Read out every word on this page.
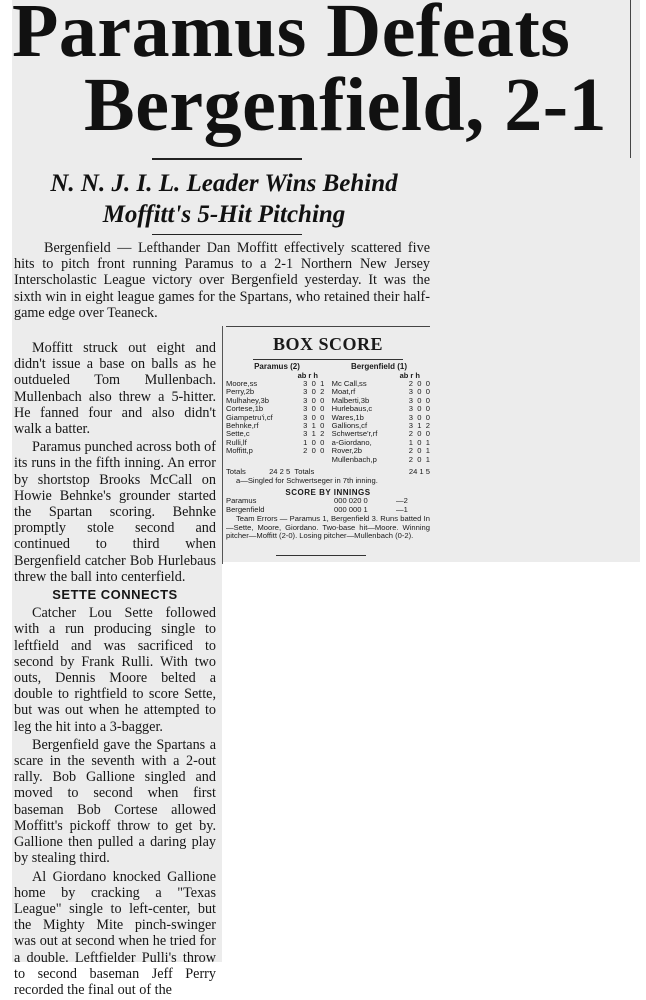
Paramus Defeats
Bergenfield, 2-1
N. N. J. I. L. Leader Wins Behind
Moffitt's 5-Hit Pitching

Bergenfield — Lefthander Dan Moffitt effectively scattered five hits to pitch front running Paramus to a 2-1 Northern New Jersey Interscholastic League victory over Bergenfield yesterday. It was the sixth win in eight league games for the Spartans, who retained their half-game edge over Teaneck.

Moffitt struck out eight and didn't issue a base on balls as he outdueled Tom Mullenbach. Mullenbach also threw a 5-hitter. He fanned four and also didn't walk a batter.

Paramus punched across both of its runs in the fifth inning. An error by shortstop Brooks McCall on Howie Behnke's grounder started the Spartan scoring. Behnke promptly stole second and continued to third when Bergenfield catcher Bob Hurlebaus threw the ball into centerfield.

SETTE CONNECTS

Catcher Lou Sette followed with a run producing single to leftfield and was sacrificed to second by Frank Rulli. With two outs, Dennis Moore belted a double to rightfield to score Sette, but was out when he attempted to leg the hit into a 3-bagger.

Bergenfield gave the Spartans a scare in the seventh with a 2-out rally. Bob Gallione singled and moved to second when first baseman Bob Cortese allowed Moffitt's pickoff throw to get by. Gallione then pulled a daring play by stealing third.

Al Giordano knocked Gallione home by cracking a "Texas League" single to left-center, but the Mighty Mite pinch-swinger was out at second when he tried for a double. Leftfielder Pulli's throw to second baseman Jeff Perry recorded the final out of the

BOX SCORE
Paramus (2)	Bergenfield (1)
ab r h	ab r h
Moore,ss	3	0	1		Mc Call,ss	2	0	0
Perry,2b	3	0	2		Moat,rf	3	0	0
Mulhahey,3b	3	0	0		Malberti,3b	3	0	0
Cortese,1b	3	0	0		Hurlebaus,c	3	0	0
Giampetru'i,cf	3	0	0		Wares,1b	3	0	0
Behnke,rf	3	1	0		Gallions,cf	3	1	2
Sette,c	3	1	2		Schwertse'r,rf	2	0	0
Rulli,lf	1	0	0		a-Giordano,	1	0	1
Moffitt,p	2	0	0		Rover,2b	2	0	1
					Mullenbach,p	2	0	1
Totals	24 2 5 Totals	24 1 5
a—Singled for Schwertseger in 7th inning.
SCORE BY INNINGS
Paramus	000 020 0	—2
Bergenfield	000 000 1	—1
Team Errors — Paramus 1, Bergenfield 3. Runs batted In—Sette, Moore, Giordano. Two-base hit—Moore. Winning pitcher—Moffitt (2-0). Losing pitcher—Mullenbach (0-2).
